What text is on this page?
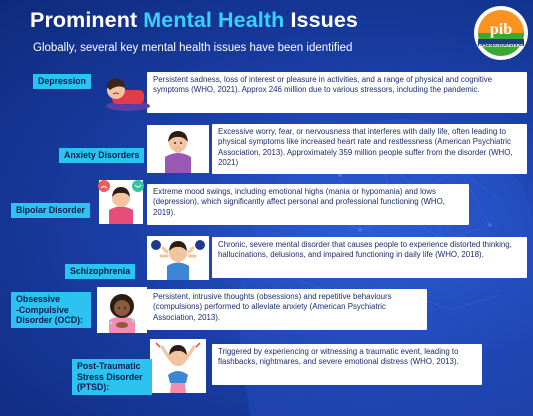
Prominent Mental Health Issues
Globally, several key mental health issues have been identified
pib
BACKGROUNDERS
Persistent sadness, loss of interest or pleasure in activities, and a range of physical and cognitive symptoms (WHO, 2021). Approx 246 million due to various stressors, including the pandemic.
Depression
Excessive worry, fear, or nervousness that interferes with daily life, often leading to physical symptoms like increased heart rate and restlessness (American Psychiatric Association, 2013). Approximately 359 million people suffer from the disorder (WHO, 2021)
Anxiety Disorders
Extreme mood swings, including emotional highs (mania or hypomania) and lows (depression), which significantly affect personal and professional functioning (WHO, 2019).
Bipolar Disorder
Chronic, severe mental disorder that causes people to experience distorted thinking, hallucinations, delusions, and impaired functioning in daily life (WHO, 2018).
Schizophrenia
Persistent, intrusive thoughts (obsessions) and repetitive behaviours (compulsions) performed to alleviate anxiety (American Psychiatric Association, 2013).
Obsessive
-Compulsive
Disorder (OCD):
Triggered by experiencing or witnessing a traumatic event, leading to flashbacks, nightmares, and severe emotional distress (WHO, 2013).
Post-Traumatic
Stress Disorder
(PTSD):
